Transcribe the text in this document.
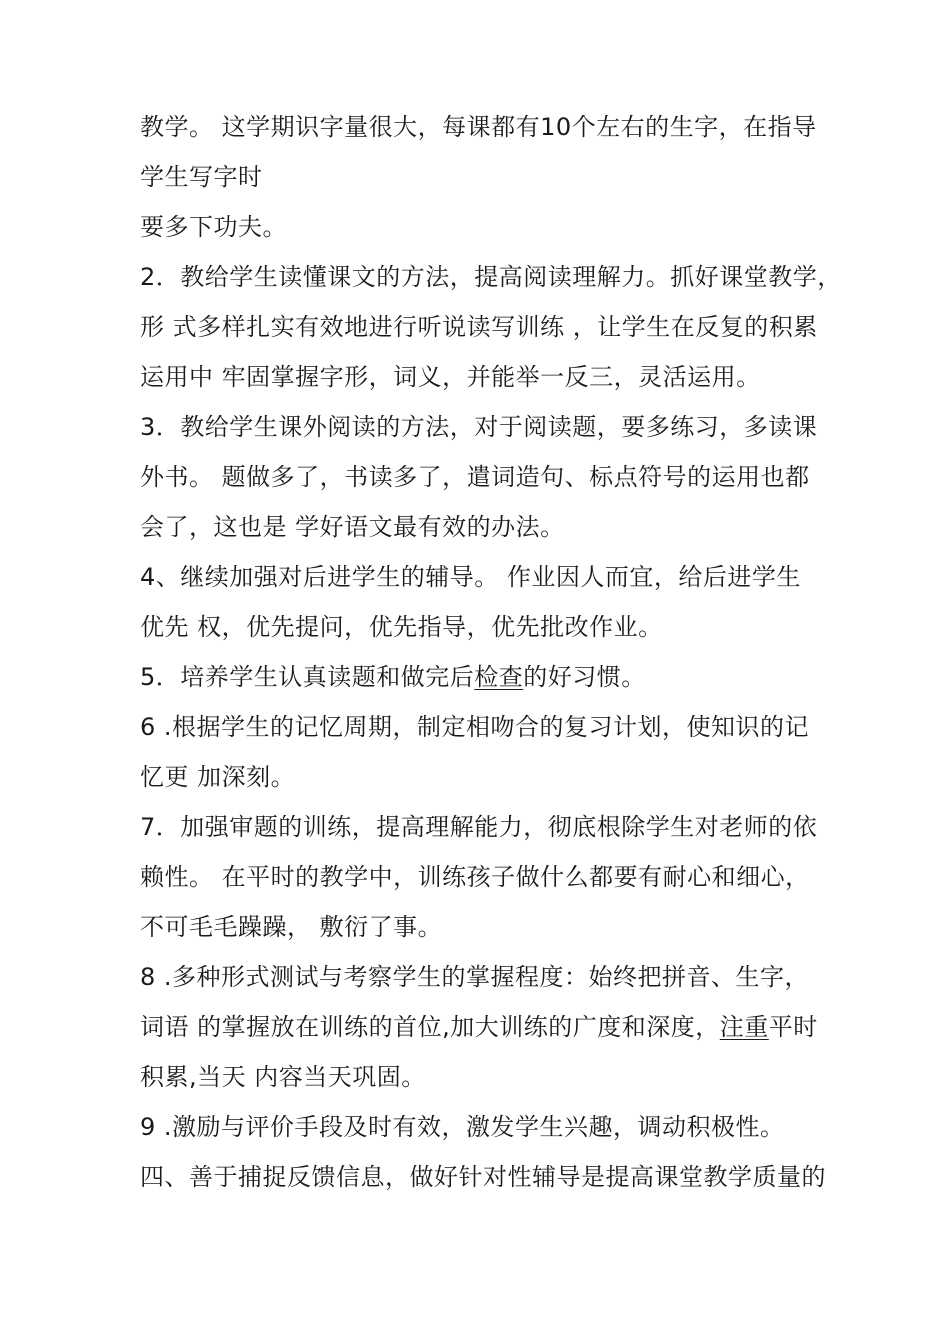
教学。 这学期识字量很大，每课都有10个左右的生字，在指导
学生写字时
要多下功夫。
2．教给学生读懂课文的方法，提高阅读理解力。抓好课堂教学，
形 式多样扎实有效地进行听说读写训练 ，让学生在反复的积累
运用中 牢固掌握字形，词义，并能举一反三，灵活运用。
3．教给学生课外阅读的方法，对于阅读题，要多练习，多读课
外书。 题做多了，书读多了，遣词造句、标点符号的运用也都
会了，这也是 学好语文最有效的办法。
4、继续加强对后进学生的辅导。 作业因人而宜，给后进学生
优先 权，优先提问，优先指导，优先批改作业。
5．培养学生认真读题和做完后检查的好习惯。
6 .根据学生的记忆周期，制定相吻合的复习计划，使知识的记
忆更 加深刻。
7．加强审题的训练，提高理解能力，彻底根除学生对老师的依
赖性。 在平时的教学中，训练孩子做什么都要有耐心和细心，
不可毛毛躁躁， 敷衍了事。
8 .多种形式测试与考察学生的掌握程度：始终把拼音、生字，
词语 的掌握放在训练的首位,加大训练的广度和深度，注重平时
积累,当天 内容当天巩固。
9 .激励与评价手段及时有效，激发学生兴趣，调动积极性。
四、善于捕捉反馈信息，做好针对性辅导是提高课堂教学质量的
